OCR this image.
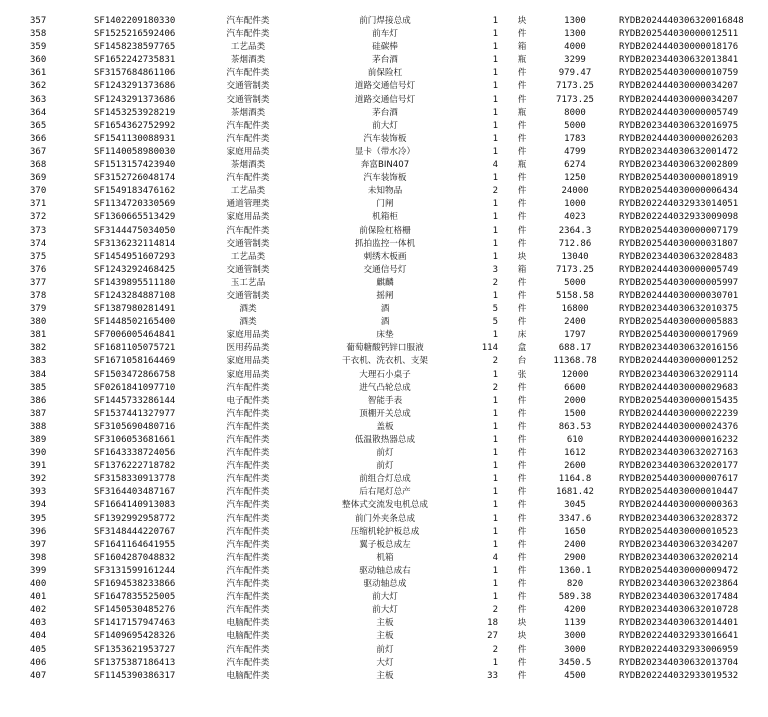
357	SF1402209180330	汽车配件类	前门焊接总成	1	块	1300	RYDB2024440306320016848
358	SF1525216592406	汽车配件类	前车灯	1	件	1300	RYDB202544030000012511
359	SF1458238597765	工艺品类	硅碳棒	1	箱	4000	RYDB202444030000018176
360	SF1652242735831	茶烟酒类	茅台酒	1	瓶	3299	RYDB202344030632013841
361	SF3157684861106	汽车配件类	前保险杠	1	件	979.47	RYDB202544030000010759
362	SF1243291373686	交通管制类	道路交通信号灯	1	件	7173.25	RYDB202444030000034207
363	SF1243291373686	交通管制类	道路交通信号灯	1	件	7173.25	RYDB202444030000034207
364	SF1453253928219	茶烟酒类	茅台酒	1	瓶	8000	RYDB202444030000005749
365	SF1654362752992	汽车配件类	前大灯	1	件	5000	RYDB202344030632016975
366	SF1541130088931	汽车配件类	汽车装饰板	1	件	1783	RYDB202444030000026203
367	SF1140058980030	家庭用品类	显卡（带水冷）	1	件	4799	RYDB202344030632001472
368	SF1513157423940	茶烟酒类	奔富BIN407	4	瓶	6274	RYDB202344030632002809
369	SF3152726048174	汽车配件类	汽车装饰板	1	件	1250	RYDB202544030000018919
370	SF1549183476162	工艺品类	未知物品	2	件	24000	RYDB202544030000006434
371	SF1134720330569	通道管理类	门闸	1	件	1000	RYDB202244032933014051
372	SF1360665513429	家庭用品类	机箱柜	1	件	4023	RYDB202244032933009098
373	SF3144475034050	汽车配件类	前保险杠格栅	1	件	2364.3	RYDB202544030000007179
374	SF3136232114814	交通管制类	抓拍监控一体机	1	件	712.86	RYDB202544030000031807
375	SF1454951607293	工艺品类	刺绣木板画	1	块	13040	RYDB202344030632028483
376	SF1243292468425	交通管制类	交通信号灯	3	箱	7173.25	RYDB202444030000005749
377	SF1439895511180	玉工艺品	麒麟	2	件	5000	RYDB202544030000005997
378	SF1243284887108	交通管制类	摇闸	1	件	5158.58	RYDB202444030000030701
379	SF1387980281491	酒类	酒	5	件	16800	RYDB202344030632010375
380	SF1448502165400	酒类	酒	5	件	2400	RYDB202544030000005883
381	SF7006005464841	家庭用品类	床垫	1	床	1797	RYDB202544030000017969
382	SF1681105075721	医用药品类	葡萄糖酸钙锌口服液	114	盒	688.17	RYDB202344030632016156
383	SF1671058164469	家庭用品类	干衣机、洗衣机、支架	2	台	11368.78	RYDB202444030000001252
384	SF1503472866758	家庭用品类	大理石小桌子	1	张	12000	RYDB202344030632029114
385	SF0261841097710	汽车配件类	进气凸轮总成	2	件	6600	RYDB202444030000029683
386	SF1445733286144	电子配件类	智能手表	1	件	2000	RYDB202544030000015435
387	SF1537441327977	汽车配件类	顶棚开关总成	1	件	1500	RYDB202444030000022239
388	SF3105690480716	汽车配件类	盖板	1	件	863.53	RYDB202444030000024376
389	SF3106053681661	汽车配件类	低温散热器总成	1	件	610	RYDB202444030000016232
390	SF1643338724056	汽车配件类	前灯	1	件	1612	RYDB202344030632027163
391	SF1376222718782	汽车配件类	前灯	1	件	2600	RYDB202344030632020177
392	SF3158330913778	汽车配件类	前组合灯总成	1	件	1164.8	RYDB202544030000007617
393	SF3164403487167	汽车配件类	后右尾灯总产	1	件	1681.42	RYDB202544030000010447
394	SF1664140913083	汽车配件类	整体式交流发电机总成	1	件	3045	RYDB202444030000000363
395	SF1392992958772	汽车配件类	前门外夹条总成	1	件	3347.6	RYDB202344030632028372
396	SF3148444220767	汽车配件类	压缩机轮护板总成	1	件	1650	RYDB202544030000010523
397	SF1641164641955	汽车配件类	翼子板总成左	1	件	2400	RYDB202344030632034207
398	SF1604287048832	汽车配件类	机箱	4	件	2900	RYDB202344030632020214
399	SF3131599161244	汽车配件类	驱动轴总成右	1	件	1360.1	RYDB202544030000009472
400	SF1694538233866	汽车配件类	驱动轴总成	1	件	820	RYDB202344030632023864
401	SF1647835525005	汽车配件类	前大灯	1	件	589.38	RYDB202344030632017484
402	SF1450530485276	汽车配件类	前大灯	2	件	4200	RYDB202344030632010728
403	SF1417157947463	电脑配件类	主板	18	块	1139	RYDB202344030632014401
404	SF1409695428326	电脑配件类	主板	27	块	3000	RYDB202244032933016641
405	SF1353621953727	汽车配件类	前灯	2	件	3000	RYDB202244032933006959
406	SF1375387186413	汽车配件类	大灯	1	件	3450.5	RYDB202344030632013704
407	SF1145390386317	电脑配件类	主板	33	件	4500	RYDB202244032933019532
